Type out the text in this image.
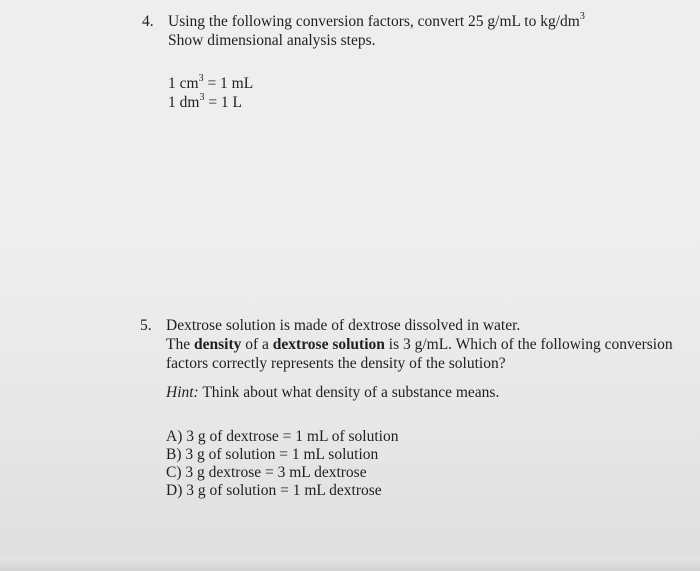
4. Using the following conversion factors, convert 25 g/mL to $kg/dm^3$
Show dimensional analysis steps.
1 $cm^3 = 1$ mL
1 $dm^3 = 1$ L
5. Dextrose solution is made of dextrose dissolved in water.
The density of a dextrose solution is 3 g/mL. Which of the following conversion
factors correctly represents the density of the solution?
Hint: Think about what density of a substance means.
A) 3 g of dextrose = 1 mL of solution
B) 3 g of solution = 1 mL solution
C) 3 g dextrose = 3 mL dextrose
D) 3 g of solution = 1 mL dextrose
